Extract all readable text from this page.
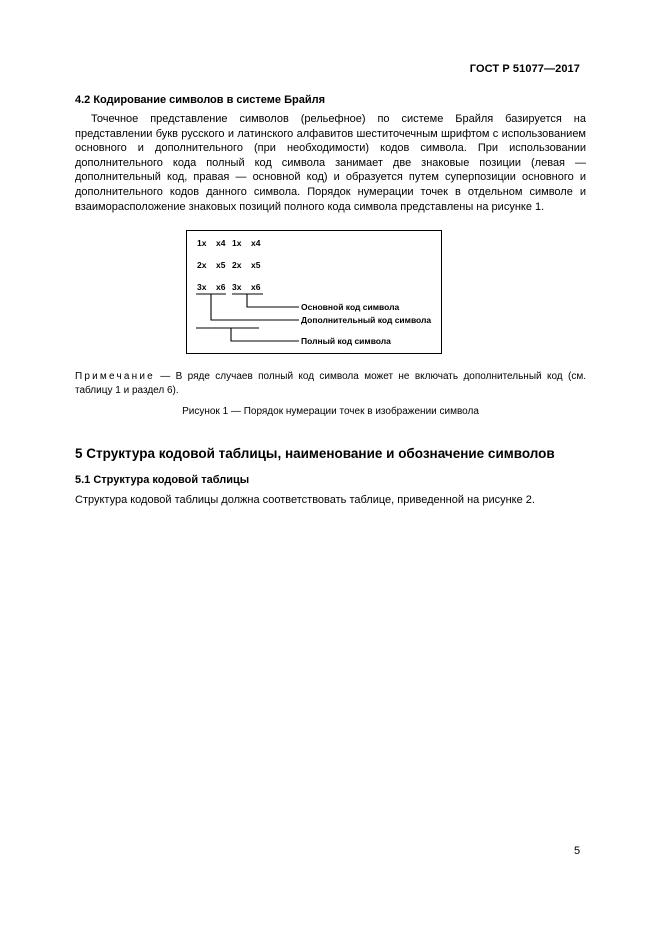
ГОСТ Р 51077—2017
4.2 Кодирование символов в системе Брайля
Точечное представление символов (рельефное) по системе Брайля базируется на представлении букв русского и латинского алфавитов шеститочечным шрифтом с использованием основного и дополнительного (при необходимости) кодов символа. При использовании дополнительного кода полный код символа занимает две знаковые позиции (левая — дополнительный код, правая — основной код) и образуется путем суперпозиции основного и дополнительного кодов данного символа. Порядок нумерации точек в отдельном символе и взаиморасположение знаковых позиций полного кода символа представлены на рисунке 1.
1x x4 1x x4
2x x5 2x x5
3x x6 3x x6
Основной код символа
Дополнительный код символа
Полный код символа
Примечание — В ряде случаев полный код символа может не включать дополнительный код (см. таблицу 1 и раздел 6).
Рисунок 1 — Порядок нумерации точек в изображении символа
5 Структура кодовой таблицы, наименование и обозначение символов
5.1 Структура кодовой таблицы
Структура кодовой таблицы должна соответствовать таблице, приведенной на рисунке 2.
5
